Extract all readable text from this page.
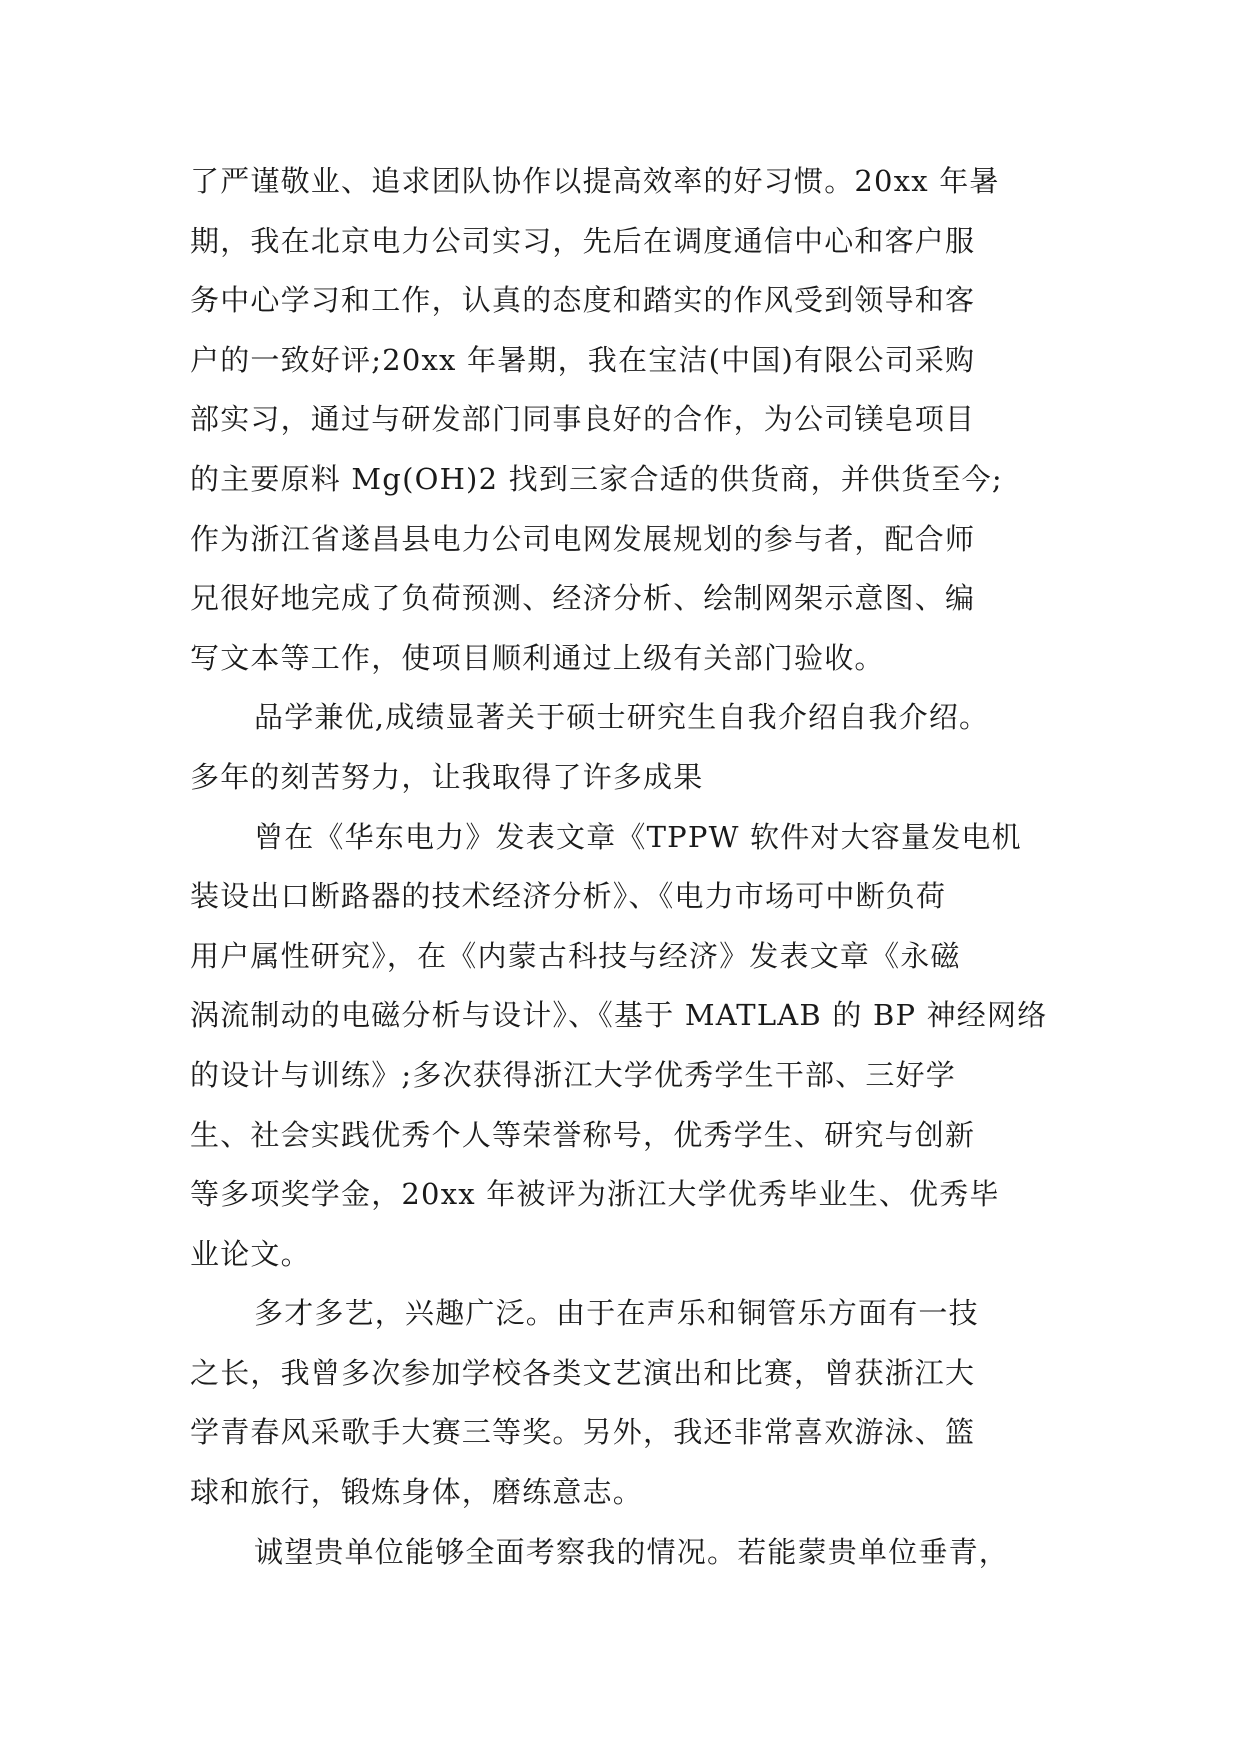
了严谨敬业、追求团队协作以提高效率的好习惯。20xx 年暑
期，我在北京电力公司实习，先后在调度通信中心和客户服
务中心学习和工作，认真的态度和踏实的作风受到领导和客
户的一致好评;20xx 年暑期，我在宝洁(中国)有限公司采购
部实习，通过与研发部门同事良好的合作，为公司镁皂项目
的主要原料 Mg(OH)2 找到三家合适的供货商，并供货至今;
作为浙江省遂昌县电力公司电网发展规划的参与者，配合师
兄很好地完成了负荷预测、经济分析、绘制网架示意图、编
写文本等工作，使项目顺利通过上级有关部门验收。
品学兼优,成绩显著关于硕士研究生自我介绍自我介绍。
多年的刻苦努力，让我取得了许多成果
曾在《华东电力》发表文章《TPPW 软件对大容量发电机
装设出口断路器的技术经济分析》、《电力市场可中断负荷
用户属性研究》，在《内蒙古科技与经济》发表文章《永磁
涡流制动的电磁分析与设计》、《基于 MATLAB 的 BP 神经网络
的设计与训练》;多次获得浙江大学优秀学生干部、三好学
生、社会实践优秀个人等荣誉称号，优秀学生、研究与创新
等多项奖学金，20xx 年被评为浙江大学优秀毕业生、优秀毕
业论文。
多才多艺，兴趣广泛。由于在声乐和铜管乐方面有一技
之长，我曾多次参加学校各类文艺演出和比赛，曾获浙江大
学青春风采歌手大赛三等奖。另外，我还非常喜欢游泳、篮
球和旅行，锻炼身体，磨练意志。
诚望贵单位能够全面考察我的情况。若能蒙贵单位垂青，
